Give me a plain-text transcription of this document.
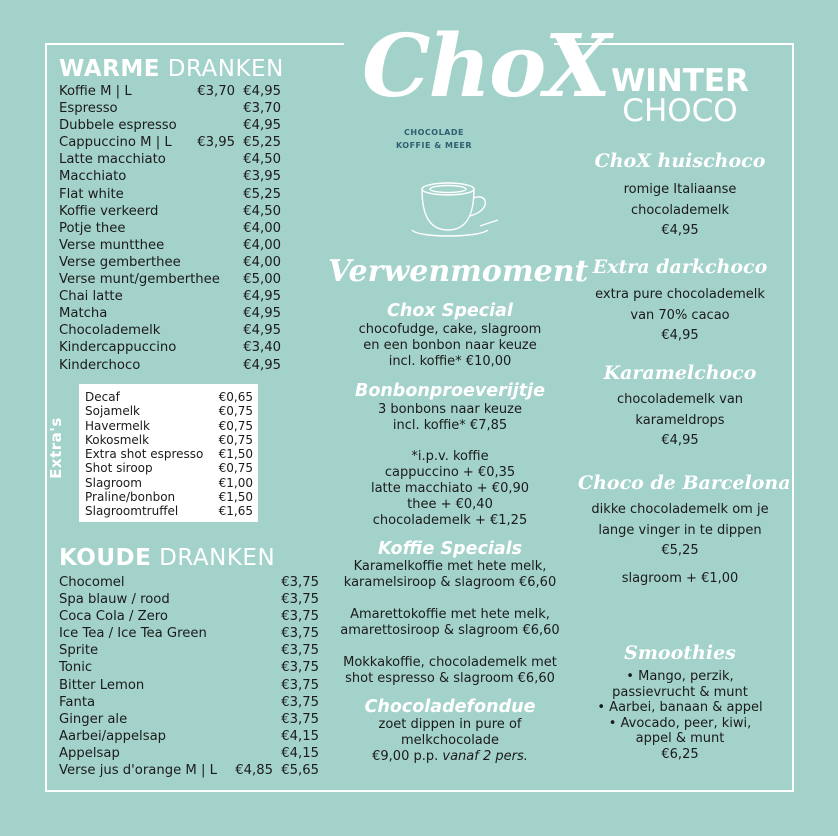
ChoX
CHOCOLADE
KOFFIE & MEER
WARME DRANKEN
Koffie M | L	€3,70 €4,95
Espresso	€3,70
Dubbele espresso	€4,95
Cappuccino M | L €3,95 €5,25
Latte macchiato	€4,50
Macchiato	€3,95
Flat white	€5,25
Koffie verkeerd	€4,50
Potje thee	€4,00
Verse muntthee	€4,00
Verse gemberthee	€4,00
Verse munt/gemberthee €5,00
Chai latte	€4,95
Matcha	€4,95
Chocolademelk	€4,95
Kindercappuccino	€3,40
Kinderchoco	€4,95
Extra's
Decaf	€0,65
Sojamelk	€0,75
Havermelk	€0,75
Kokosmelk	€0,75
Extra shot espresso €1,50
Shot siroop	€0,75
Slagroom	€1,00
Praline/bonbon	€1,50
Slagroomtruffel	€1,65
KOUDE DRANKEN
Chocomel	€3,75
Spa blauw / rood	€3,75
Coca Cola / Zero	€3,75
Ice Tea / Ice Tea Green	€3,75
Sprite	€3,75
Tonic	€3,75
Bitter Lemon	€3,75
Fanta	€3,75
Ginger ale	€3,75
Aarbei/appelsap	€4,15
Appelsap	€4,15
Verse jus d'orange M | L €4,85 €5,65
Verwenmoment
Chox Special
chocofudge, cake, slagroom
en een bonbon naar keuze
incl. koffie* €10,00
Bonbonproeverijtje
3 bonbons naar keuze
incl. koffie* €7,85
*i.p.v. koffie
cappuccino + €0,35
latte macchiato + €0,90
thee + €0,40
chocolademelk + €1,25
Koffie Specials
Karamelkoffie met hete melk,
karamelsiroop & slagroom €6,60

Amarettokoffie met hete melk,
amarettosiroop & slagroom €6,60

Mokkakoffie, chocolademelk met
shot espresso & slagroom €6,60
Chocoladefondue
zoet dippen in pure of
melkchocolade
€9,00 p.p. vanaf 2 pers.
WINTER
CHOCO
ChoX huischoco
romige Italiaanse
chocolademelk
€4,95
Extra darkchoco
extra pure chocolademelk
van 70% cacao
€4,95
Karamelchoco
chocolademelk van
karameldrops
€4,95
Choco de Barcelona
dikke chocolademelk om je
lange vinger in te dippen
€5,25
slagroom + €1,00
Smoothies
• Mango, perzik,
passievrucht & munt
• Aarbei, banaan & appel
• Avocado, peer, kiwi,
appel & munt
€6,25
